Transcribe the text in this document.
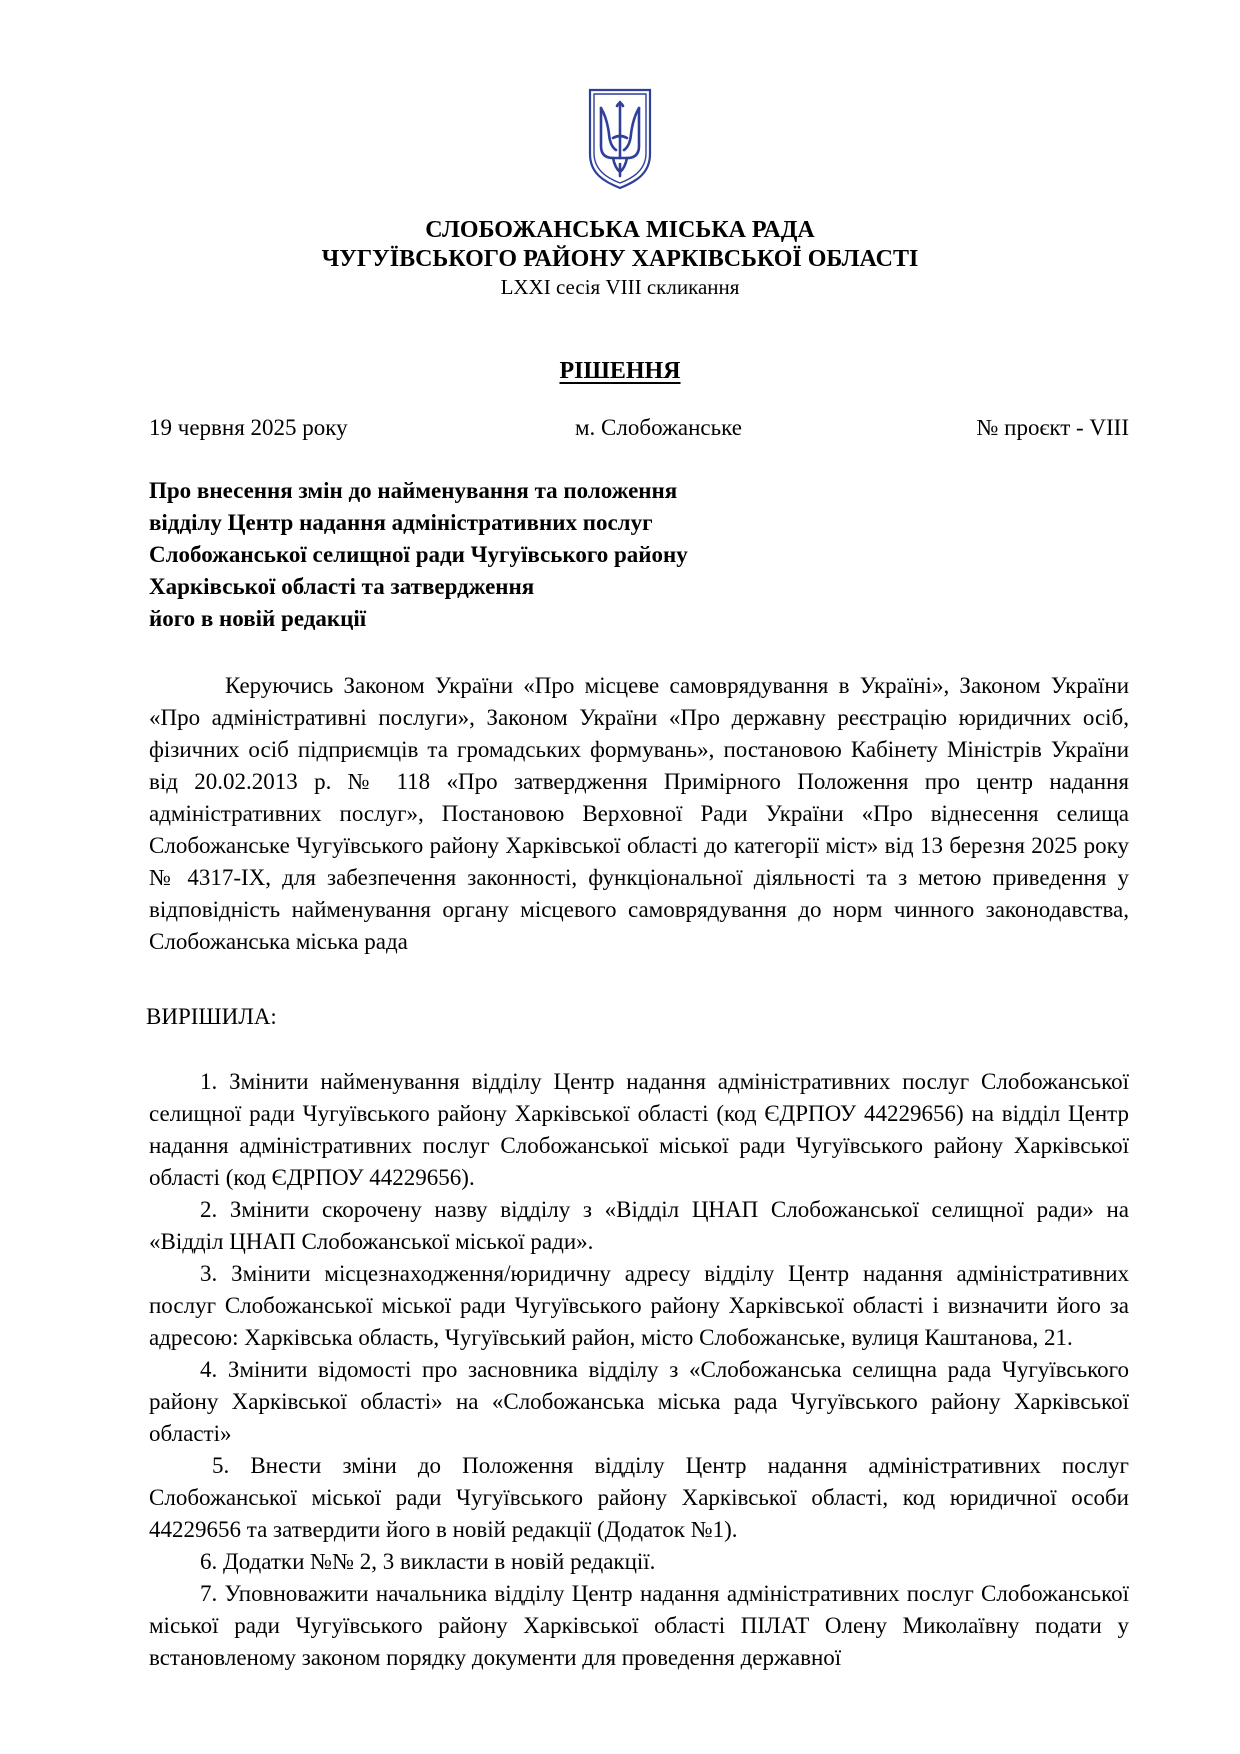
СЛОБОЖАНСЬКА МІСЬКА РАДА
ЧУГУЇВСЬКОГО РАЙОНУ ХАРКІВСЬКОЇ ОБЛАСТІ
LXXI сесія VIII скликання
РІШЕННЯ
19 червня 2025 року	м. Слобожанське	№ проєкт - VIІІ
Про внесення змін до найменування та положення
відділу Центр надання адміністративних послуг
Слобожанської селищної ради Чугуївського району
Харківської області та затвердження
його в новій редакції

Керуючись Законом України «Про місцеве самоврядування в Україні», Законом України «Про адміністративні послуги», Законом України «Про державну реєстрацію юридичних осіб, фізичних осіб підприємців та громадських формувань», постановою Кабінету Міністрів України від 20.02.2013 р. № 118 «Про затвердження Примірного Положення про центр надання адміністративних послуг», Постановою Верховної Ради України «Про віднесення селища Слобожанське Чугуївського району Харківської області до категорії міст» від 13 березня 2025 року № 4317-IX, для забезпечення законності, функціональної діяльності та з метою приведення у відповідність найменування органу місцевого самоврядування до норм чинного законодавства, Слобожанська міська рада

ВИРІШИЛА:

1. Змінити найменування відділу Центр надання адміністративних послуг Слобожанської селищної ради Чугуївського району Харківської області (код ЄДРПОУ 44229656) на відділ Центр надання адміністративних послуг Слобожанської міської ради Чугуївського району Харківської області (код ЄДРПОУ 44229656).

2. Змінити скорочену назву відділу з «Відділ ЦНАП Слобожанської селищної ради» на «Відділ ЦНАП Слобожанської міської ради».

3. Змінити місцезнаходження/юридичну адресу відділу Центр надання адміністративних послуг Слобожанської міської ради Чугуївського району Харківської області і визначити його за адресою: Харківська область, Чугуївський район, місто Слобожанське, вулиця Каштанова, 21.

4. Змінити відомості про засновника відділу з «Слобожанська селищна рада Чугуївського району Харківської області» на «Слобожанська міська рада Чугуївського району Харківської області»

5. Внести зміни до Положення відділу Центр надання адміністративних послуг Слобожанської міської ради Чугуївського району Харківської області, код юридичної особи 44229656 та затвердити його в новій редакції (Додаток №1).

6. Додатки №№ 2, 3 викласти в новій редакції.

7. Уповноважити начальника відділу Центр надання адміністративних послуг Слобожанської міської ради Чугуївського району Харківської області ПІЛАТ Олену Миколаївну подати у встановленому законом порядку документи для проведення державної
